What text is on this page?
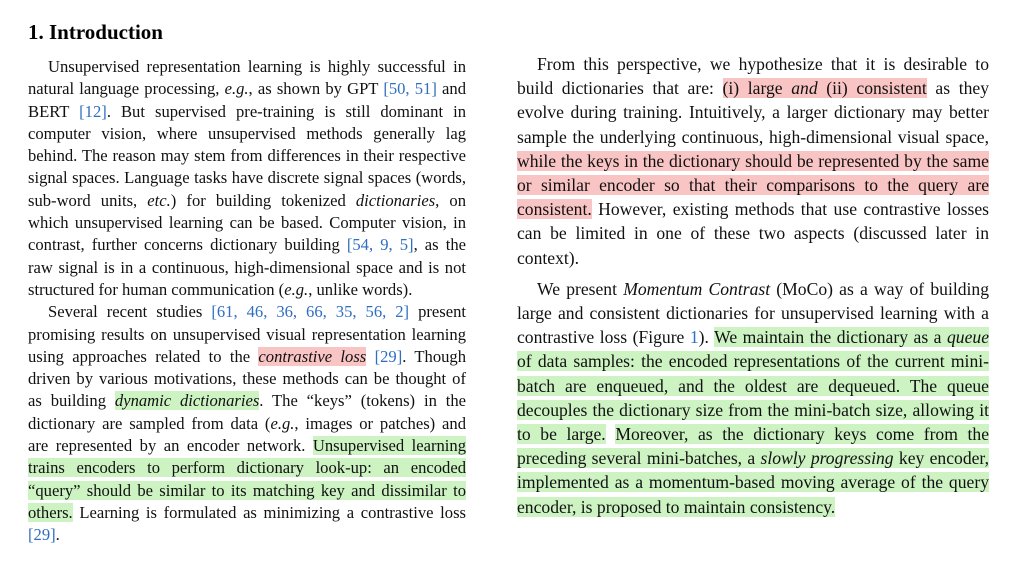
1. Introduction

Unsupervised representation learning is highly successful in natural language processing, e.g., as shown by GPT [50, 51] and BERT [12]. But supervised pre-training is still dominant in computer vision, where unsupervised methods generally lag behind. The reason may stem from differences in their respective signal spaces. Language tasks have discrete signal spaces (words, sub-word units, etc.) for building tokenized dictionaries, on which unsupervised learning can be based. Computer vision, in contrast, further concerns dictionary building [54, 9, 5], as the raw signal is in a continuous, high-dimensional space and is not structured for human communication (e.g., unlike words).

Several recent studies [61, 46, 36, 66, 35, 56, 2] present promising results on unsupervised visual representation learning using approaches related to the contrastive loss [29]. Though driven by various motivations, these methods can be thought of as building dynamic dictionaries. The “keys” (tokens) in the dictionary are sampled from data (e.g., images or patches) and are represented by an encoder network. Unsupervised learning trains encoders to perform dictionary look-up: an encoded “query” should be similar to its matching key and dissimilar to others. Learning is formulated as minimizing a contrastive loss [29].

From this perspective, we hypothesize that it is desirable to build dictionaries that are: (i) large and (ii) consistent as they evolve during training. Intuitively, a larger dictionary may better sample the underlying continuous, high-dimensional visual space, while the keys in the dictionary should be represented by the same or similar encoder so that their comparisons to the query are consistent. However, existing methods that use contrastive losses can be limited in one of these two aspects (discussed later in context).

We present Momentum Contrast (MoCo) as a way of building large and consistent dictionaries for unsupervised learning with a contrastive loss (Figure 1). We maintain the dictionary as a queue of data samples: the encoded representations of the current mini-batch are enqueued, and the oldest are dequeued. The queue decouples the dictionary size from the mini-batch size, allowing it to be large. Moreover, as the dictionary keys come from the preceding several mini-batches, a slowly progressing key encoder, implemented as a momentum-based moving average of the query encoder, is proposed to maintain consistency.
